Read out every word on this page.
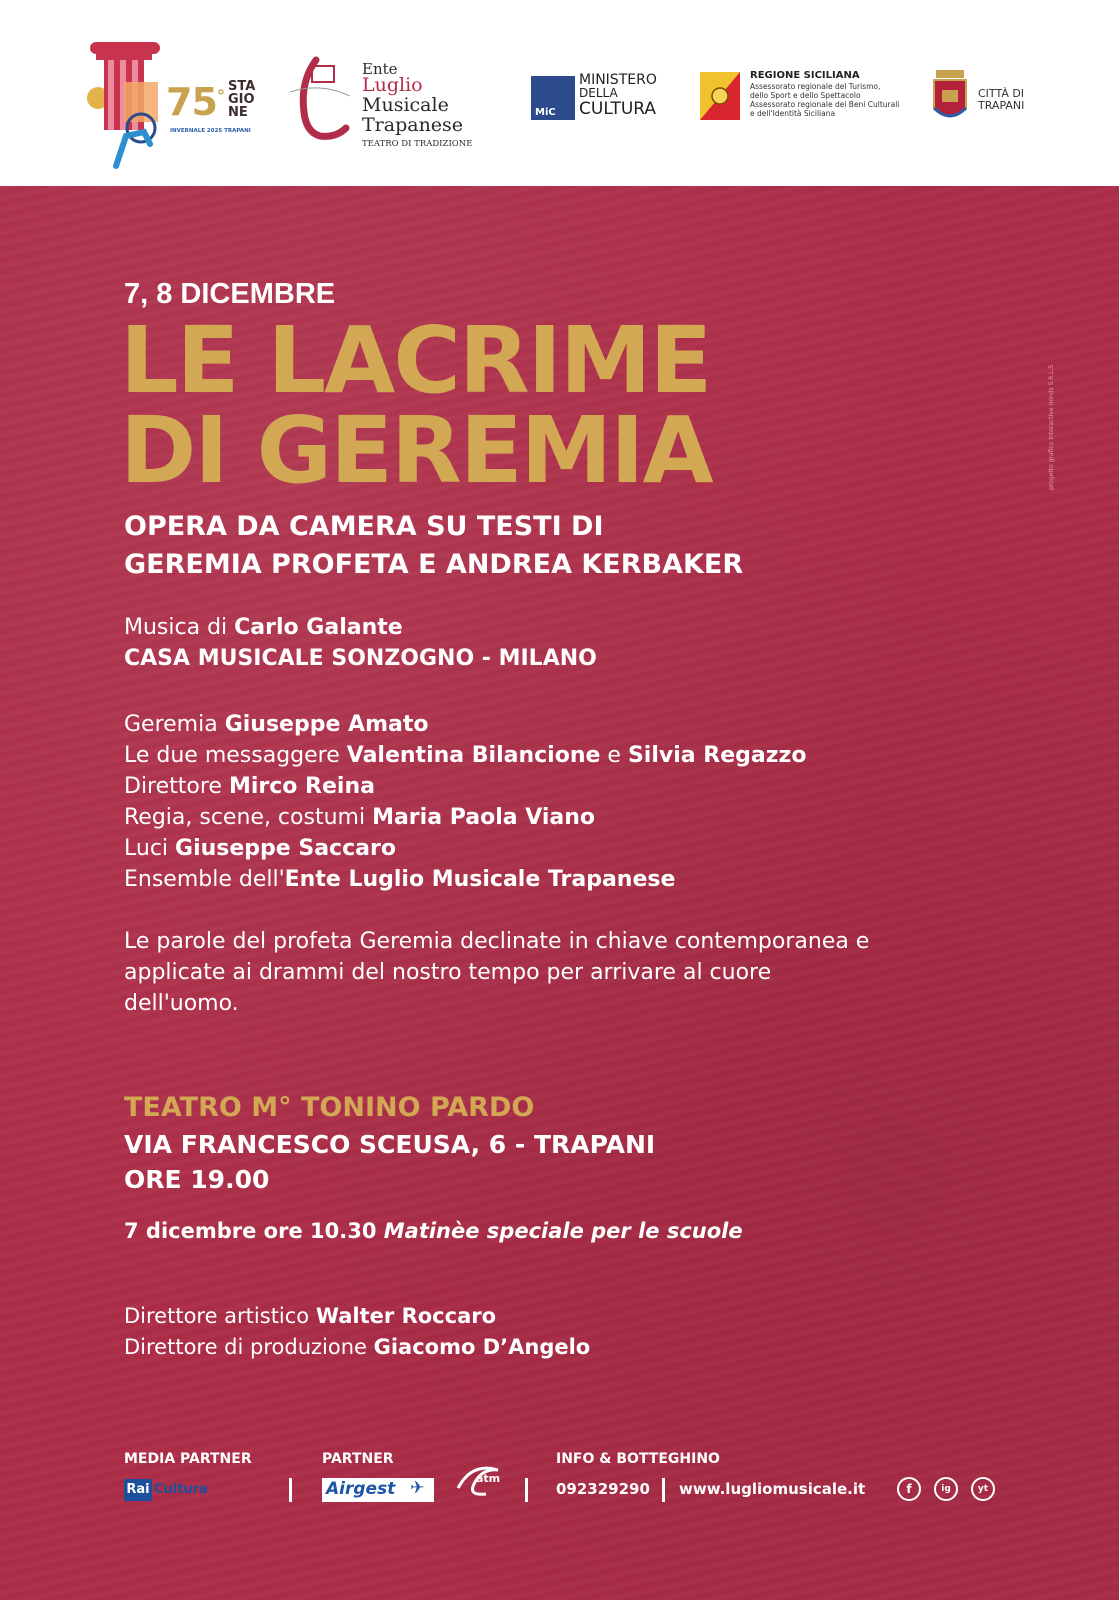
75° STA
GIO
NE
INVERNALE 2025 TRAPANI
Ente
Luglio
Musicale
Trapanese
TEATRO DI TRADIZIONE
MiC
MINISTERO
DELLA
CULTURA
REGIONE SICILIANA
Assessorato regionale del Turismo, dello Sport e dello Spettacolo Assessorato regionale dei Beni Culturali e dell'Identità Siciliana
CITTÀ DI
TRAPANI
7, 8 DICEMBRE
LE LACRIME
DI GEREMIA
OPERA DA CAMERA SU TESTI DI
GEREMIA PROFETA E ANDREA KERBAKER
Musica di Carlo Galante
CASA MUSICALE SONZOGNO - MILANO
Geremia Giuseppe Amato
Le due messaggere Valentina Bilancione e Silvia Regazzo
Direttore Mirco Reina
Regia, scene, costumi Maria Paola Viano
Luci Giuseppe Saccaro
Ensemble dell'Ente Luglio Musicale Trapanese
Le parole del profeta Geremia declinate in chiave contemporanea e
applicate ai drammi del nostro tempo per arrivare al cuore
dell'uomo.
TEATRO M° TONINO PARDO
VIA FRANCESCO SCEUSA, 6 - TRAPANI
ORE 19.00
7 dicembre ore 10.30 Matinèe speciale per le scuole
Direttore artistico Walter Roccaro
Direttore di produzione Giacomo D’Angelo
progetto grafico Interactive minds S.R.L.S
MEDIA PARTNER
Rai Cultura
PARTNER
Airgest ✈	atm
INFO & BOTTEGHINO
092329290 www.lugliomusicale.it	f	ig	yt
